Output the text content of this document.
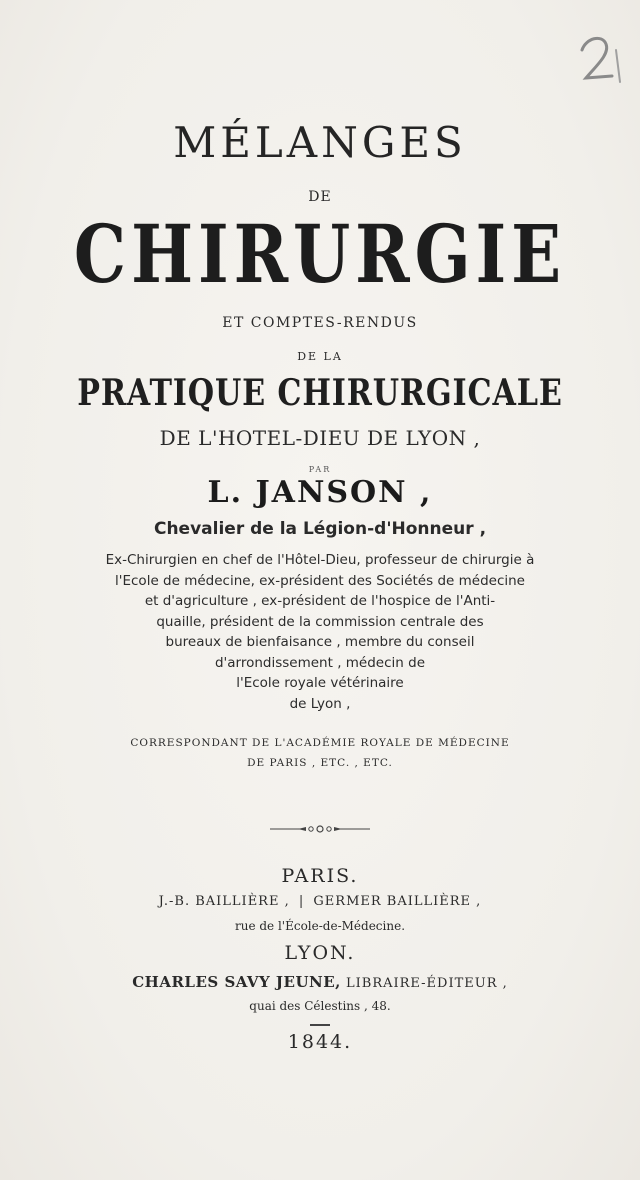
MÉLANGES
DE
CHIRURGIE
ET COMPTES-RENDUS
DE LA
PRATIQUE CHIRURGICALE
DE L'HOTEL-DIEU DE LYON ,
PAR
L. JANSON ,
Chevalier de la Légion-d'Honneur ,
Ex-Chirurgien en chef de l'Hôtel-Dieu, professeur de chirurgie à
l'Ecole de médecine, ex-président des Sociétés de médecine
et d'agriculture , ex-président de l'hospice de l'Anti-
quaille, président de la commission centrale des
bureaux de bienfaisance , membre du conseil
d'arrondissement , médecin de
l'Ecole royale vétérinaire
de Lyon ,
CORRESPONDANT DE L'ACADÉMIE ROYALE DE MÉDECINE
DE PARIS , ETC. , ETC.
PARIS.
J.-B. BAILLIÈRE , | GERMER BAILLIÈRE ,
rue de l'École-de-Médecine.
LYON.
CHARLES SAVY JEUNE, LIBRAIRE-ÉDITEUR ,
quai des Célestins , 48.
1844.
